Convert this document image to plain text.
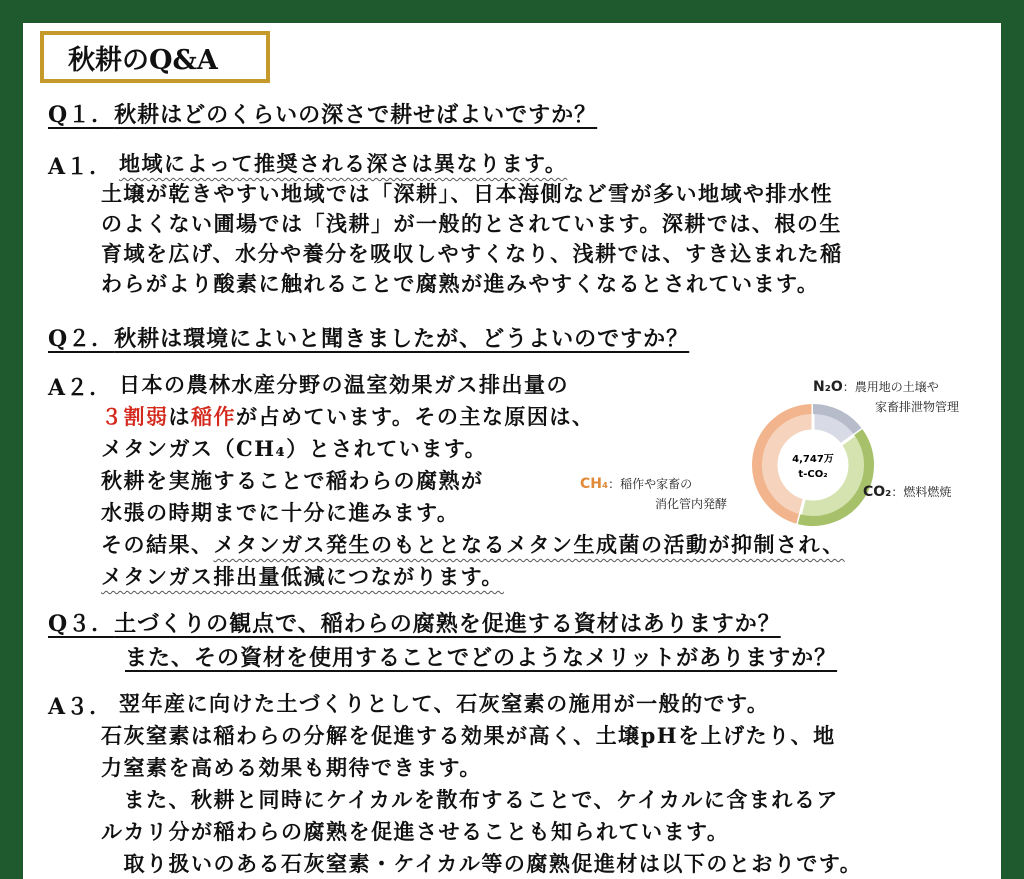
秋耕のQ&A
Q１．秋耕はどのくらいの深さで耕せばよいですか？
A１． 地域によって推奨される深さは異なります。
土壌が乾きやすい地域では「深耕」、日本海側など雪が多い地域や排水性
のよくない圃場では「浅耕」が一般的とされています。深耕では、根の生
育域を広げ、水分や養分を吸収しやすくなり、浅耕では、すき込まれた稲
わらがより酸素に触れることで腐熟が進みやすくなるとされています。
Q２．秋耕は環境によいと聞きましたが、どうよいのですか？
A２． 日本の農林水産分野の温室効果ガス排出量の
３割弱は稲作が占めています。その主な原因は、
メタンガス（CH₄）とされています。
秋耕を実施することで稲わらの腐熟が
水張の時期までに十分に進みます。
その結果、メタンガス発生のもととなるメタン生成菌の活動が抑制され、
メタンガス排出量低減につながります。
4,747万
t-CO₂
N₂O：農用地の土壌や
家畜排泄物管理
CH₄：稲作や家畜の
消化管内発酵
CO₂：燃料燃焼
Q３．土づくりの観点で、稲わらの腐熟を促進する資材はありますか？
また、その資材を使用することでどのようなメリットがありますか？
A３． 翌年産に向けた土づくりとして、石灰窒素の施用が一般的です。
石灰窒素は稲わらの分解を促進する効果が高く、土壌pHを上げたり、地
力窒素を高める効果も期待できます。
　また、秋耕と同時にケイカルを散布することで、ケイカルに含まれるア
ルカリ分が稲わらの腐熟を促進させることも知られています。
　取り扱いのある石灰窒素・ケイカル等の腐熟促進材は以下のとおりです。
